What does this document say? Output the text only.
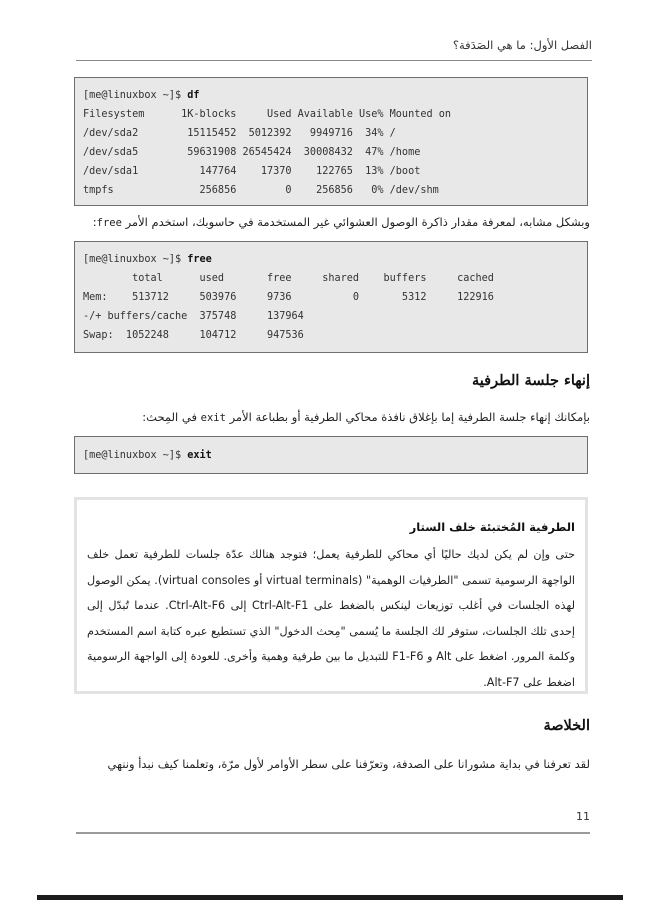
الفصل الأول: ما هي الصَدَفة؟
[me@linuxbox ~]$ df
Filesystem      1K-blocks     Used Available Use% Mounted on
/dev/sda2        15115452  5012392   9949716  34% /
/dev/sda5        59631908 26545424  30008432  47% /home
/dev/sda1          147764    17370    122765  13% /boot
tmpfs              256856        0    256856   0% /dev/shm
وبشكل مشابه، لمعرفة مقدار ذاكرة الوصول العشوائي غير المستخدمة في حاسوبك، استخدم الأمر free:
[me@linuxbox ~]$ free
total      used       free     shared    buffers     cached
Mem:    513712     503976     9736          0       5312     122916
-/+ buffers/cache  375748     137964
Swap:  1052248     104712     947536
إنهاء جلسة الطرفية
بإمكانك إنهاء جلسة الطرفية إما بإغلاق نافذة محاكي الطرفية أو بطباعة الأمر exit في المِحث:
[me@linuxbox ~]$ exit
الطرفية المُختبئة خلف الستار
حتى وإن لم يكن لديك حاليًا أي محاكي للطرفية يعمل؛ فتوجد هنالك عدّة جلسات للطرفية تعمل خلف الواجهة الرسومية تسمى "الطرفيات الوهمية" (virtual terminals أو virtual consoles). يمكن الوصول لهذه الجلسات في أغلب توزيعات لينكس بالضغط على Ctrl-Alt-F1 إلى Ctrl-Alt-F6. عندما تُبدّل إلى إحدى تلك الجلسات، ستوفر لك الجلسة ما يُسمى "مِحث الدخول" الذي تستطيع عبره كتابة اسم المستخدم وكلمة المرور. اضغط على Alt و F1-F6 للتبديل ما بين طرفية وهمية وأخرى. للعودة إلى الواجهة الرسومية اضغط على Alt-F7.
الخلاصة
لقد تعرفنا في بداية مشورانا على الصدفة، وتعرّفنا على سطر الأوامر لأول مرّة، وتعلمنا كيف نبدأ وننهي
11
